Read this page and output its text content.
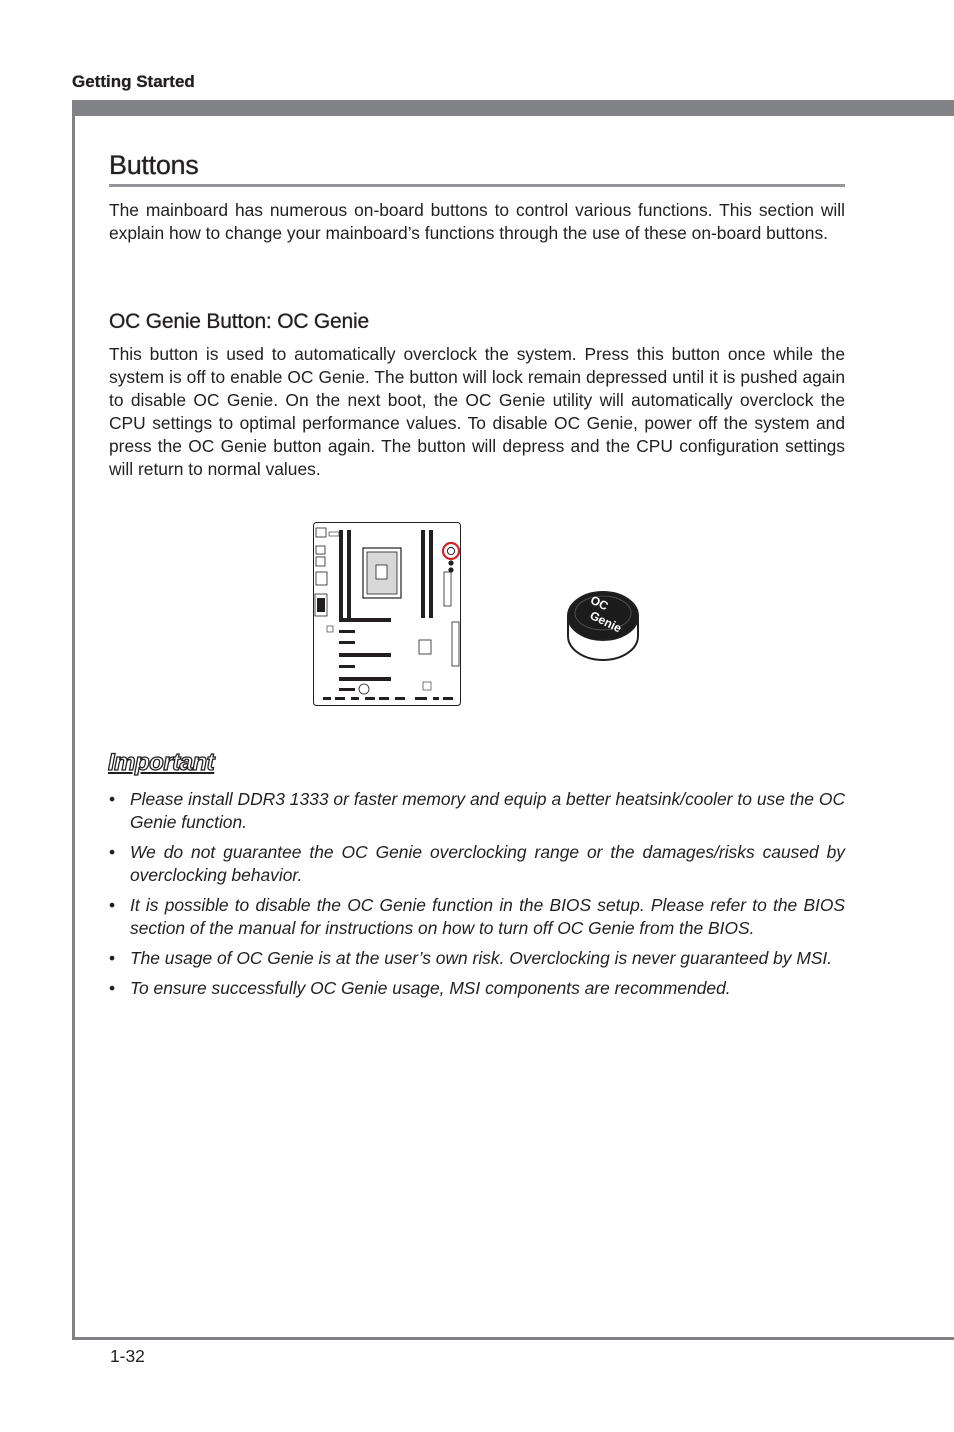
Getting Started
Buttons

The mainboard has numerous on-board buttons to control various functions. This section will explain how to change your mainboard’s functions through the use of these on-board buttons.

OC Genie Button: OC Genie

This button is used to automatically overclock the system. Press this button once while the system is off to enable OC Genie. The button will lock remain depressed until it is pushed again to disable OC Genie. On the next boot, the OC Genie utility will automatically overclock the CPU settings to optimal performance values. To disable OC Genie, power off the system and press the OC Genie button again. The button will depress and the CPU configuration settings will return to normal values.

OC
Genie
Important
• Please install DDR3 1333 or faster memory and equip a better heatsink/cooler to use the OC Genie function.
• We do not guarantee the OC Genie overclocking range or the damages/risks caused by overclocking behavior.
• It is possible to disable the OC Genie function in the BIOS setup. Please refer to the BIOS section of the manual for instructions on how to turn off OC Genie from the BIOS.
• The usage of OC Genie is at the user’s own risk. Overclocking is never guaranteed by MSI.
• To ensure successfully OC Genie usage, MSI components are recommended.
1-32
